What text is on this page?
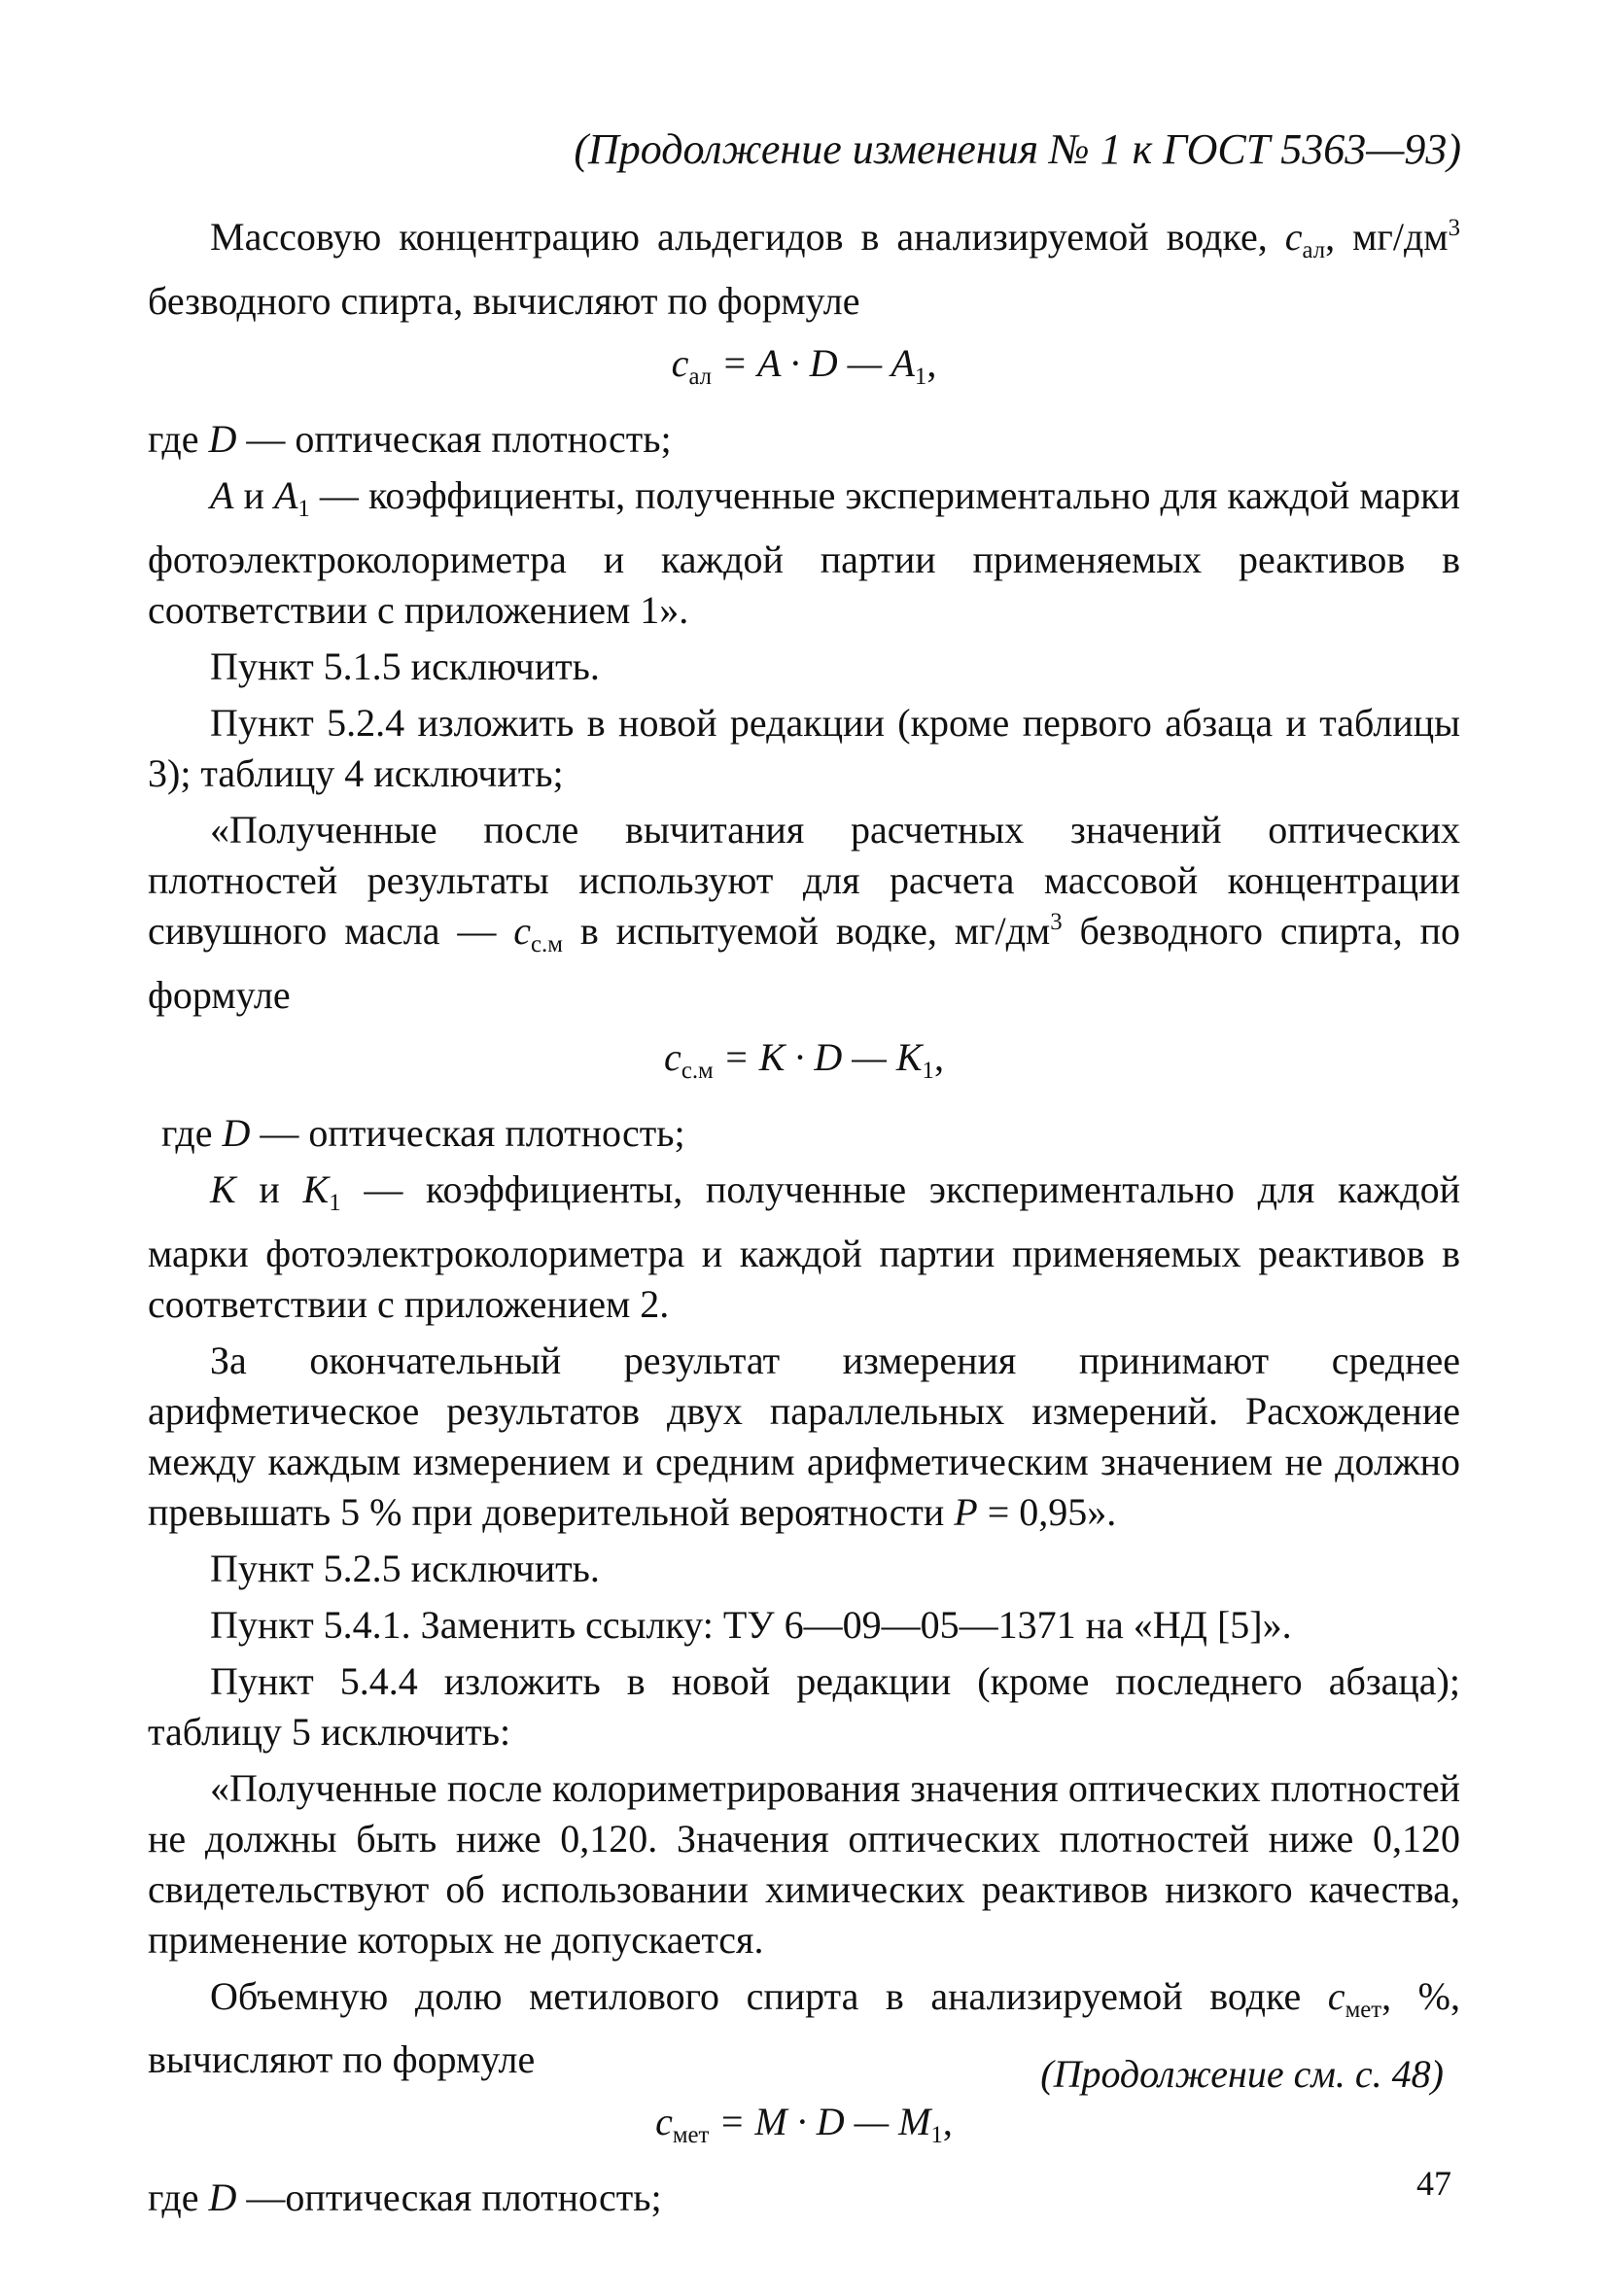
(Продолжение изменения № 1 к ГОСТ 5363—93)

Массовую концентрацию альдегидов в анализируемой водке, $c_{ал}$, $мг/дм^3$ безводного спирта, вычисляют по формуле

$c_{ал} = A \cdot D$ — $A_1$,

где D — оптическая плотность;

A и $A_1$ — коэффициенты, полученные экспериментально для каждой марки фотоэлектроколориметра и каждой партии применяемых реактивов в соответствии с приложением 1».

Пункт 5.1.5 исключить.

Пункт 5.2.4 изложить в новой редакции (кроме первого абзаца и таблицы 3); таблицу 4 исключить;

«Полученные после вычитания расчетных значений оптических плотностей результаты используют для расчета массовой концентрации сивушного масла — $c_{с.м}$ в испытуемой водке, $мг/дм^3$ безводного спирта, по формуле

$c_{с.м} = K \cdot D$ — $K_1$,

где D — оптическая плотность;

K и $K_1$ — коэффициенты, полученные экспериментально для каждой марки фотоэлектроколориметра и каждой партии применяемых реактивов в соответствии с приложением 2.

За окончательный результат измерения принимают среднее арифметическое результатов двух параллельных измерений. Расхождение между каждым измерением и средним арифметическим значением не должно превышать 5 % при доверительной вероятности P = 0,95».

Пункт 5.2.5 исключить.

Пункт 5.4.1. Заменить ссылку: ТУ 6—09—05—1371 на «НД [5]».

Пункт 5.4.4 изложить в новой редакции (кроме последнего абзаца); таблицу 5 исключить:

«Полученные после колориметрирования значения оптических плотностей не должны быть ниже 0,120. Значения оптических плотностей ниже 0,120 свидетельствуют об использовании химических реактивов низкого качества, применение которых не допускается.

Объемную долю метилового спирта в анализируемой водке $c_{мет}$, %, вычисляют по формуле

$c_{мет} = M \cdot D$ — $M_1$,

где D —оптическая плотность;

(Продолжение см. с. 48)
47
